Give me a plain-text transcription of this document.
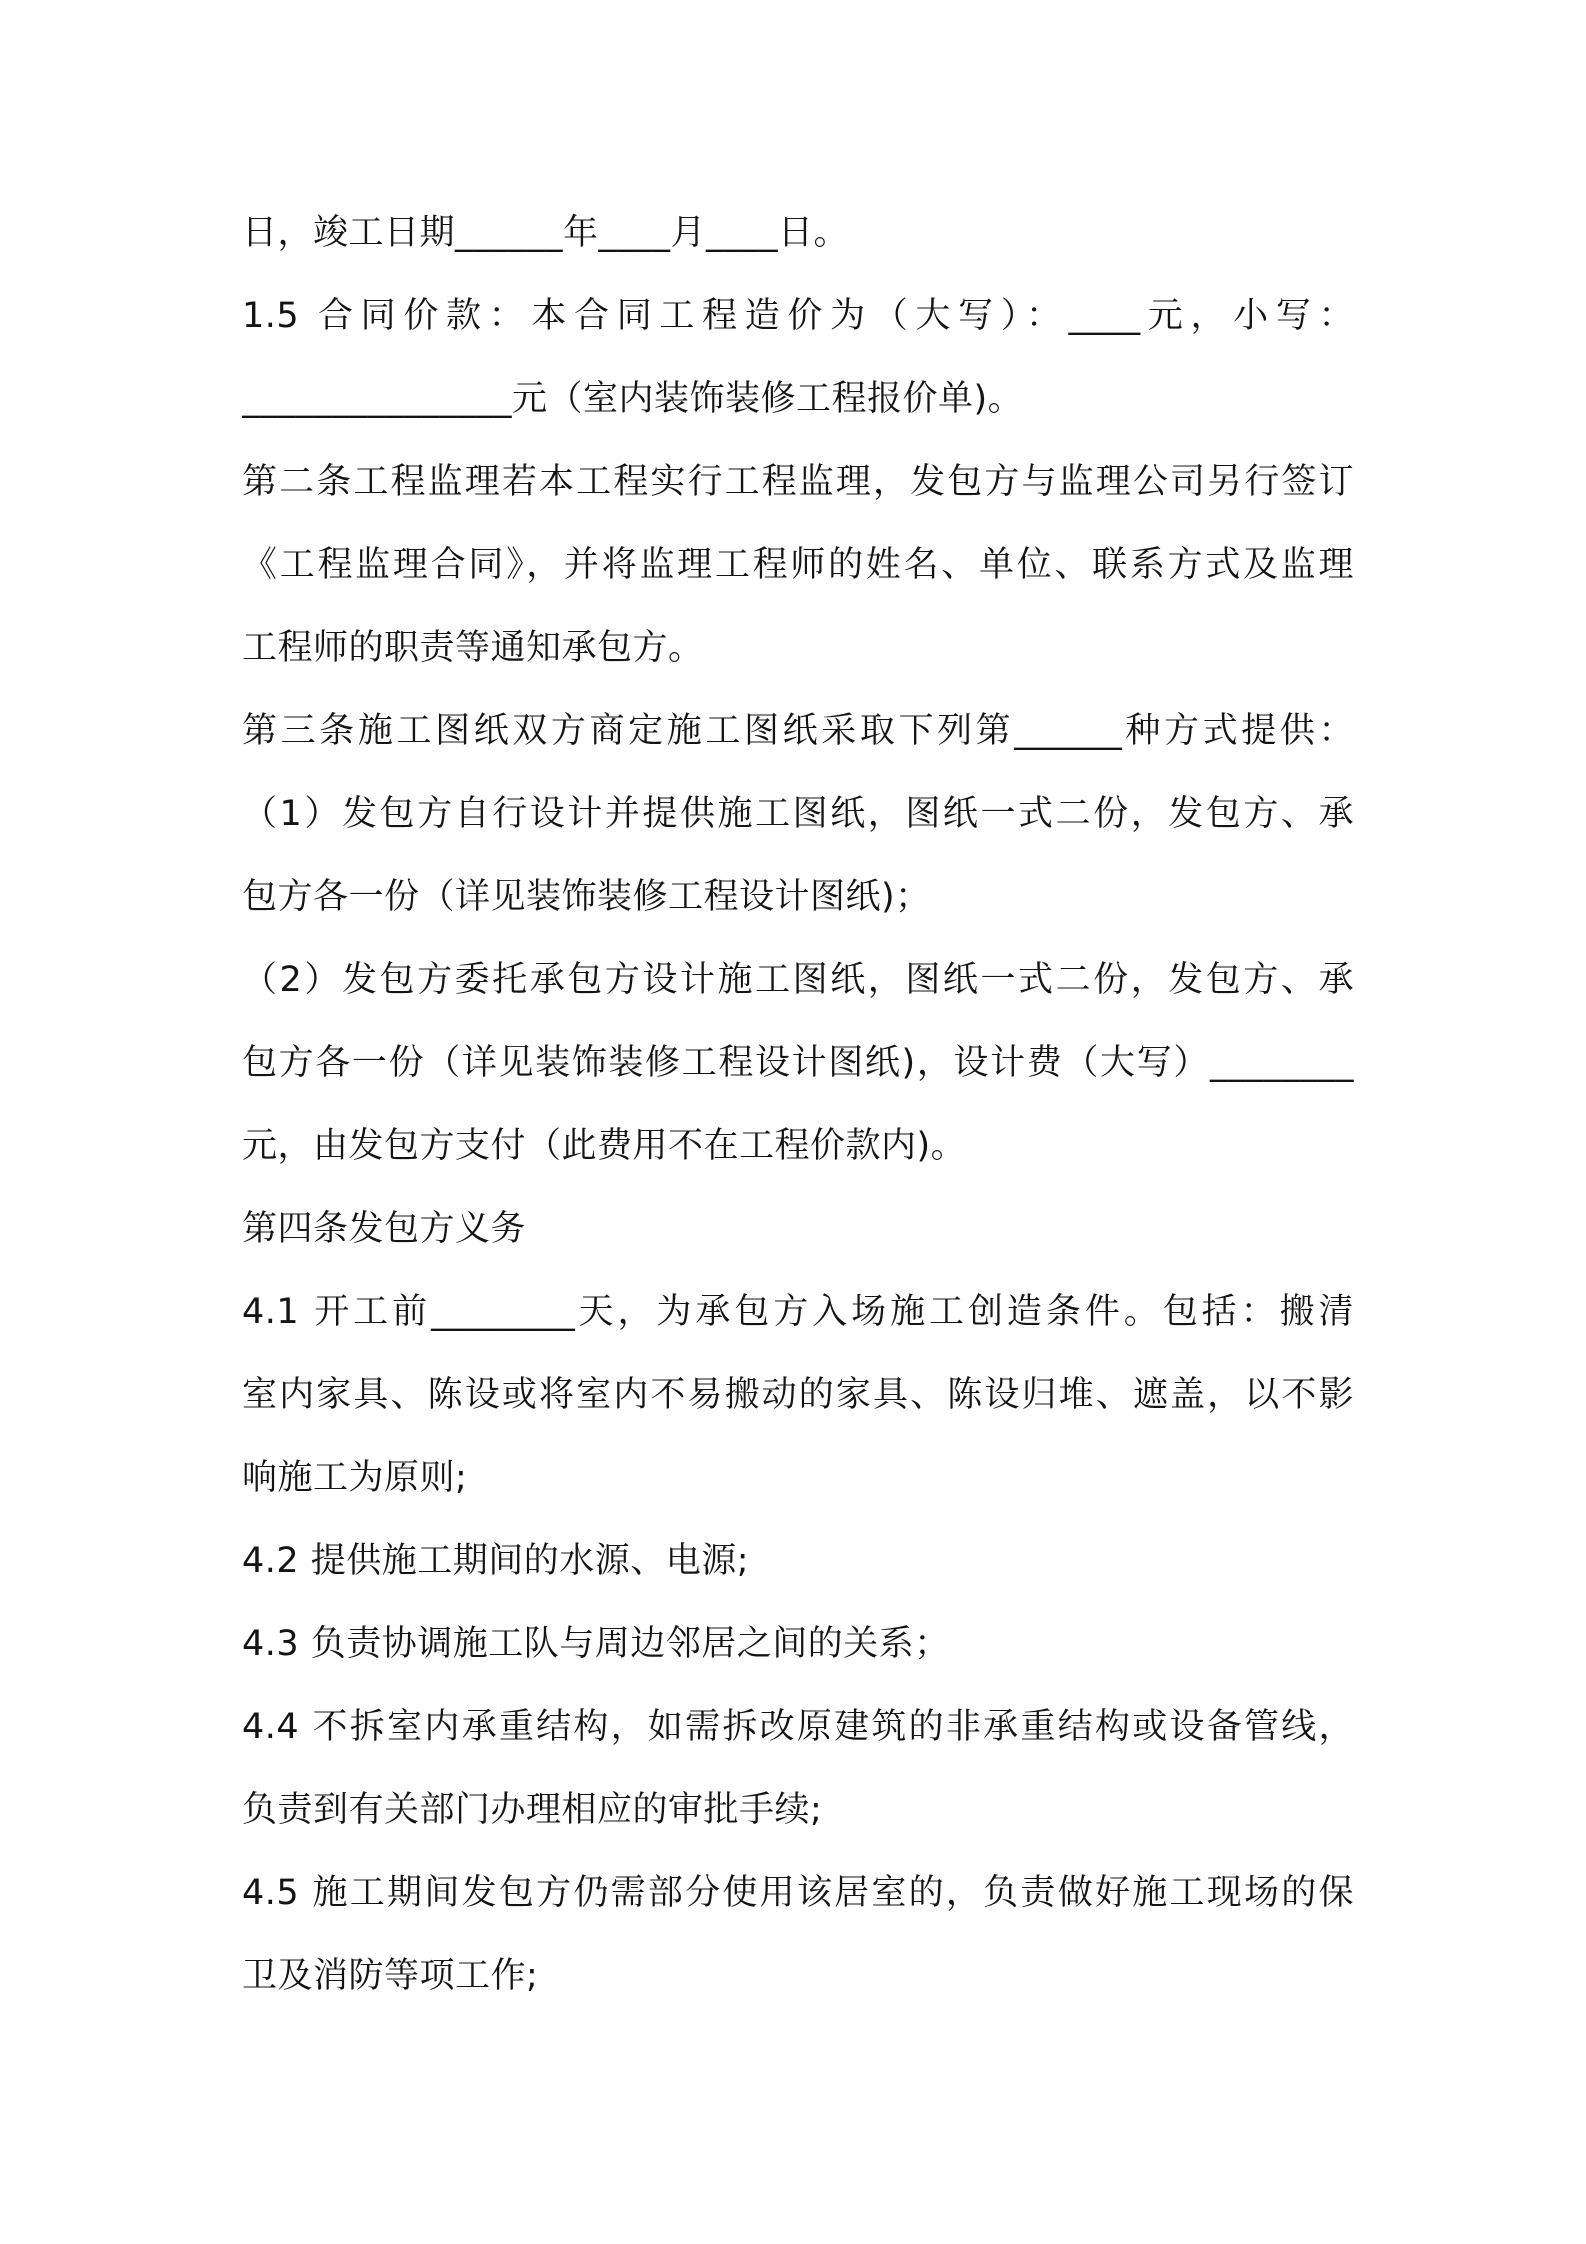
日，竣工日期______年____月____日。
1.5 合同价款：本合同工程造价为（大写）：____元，小写：
_______________元（室内装饰装修工程报价单)。
第二条工程监理若本工程实行工程监理，发包方与监理公司另行签订
《工程监理合同》，并将监理工程师的姓名、单位、联系方式及监理
工程师的职责等通知承包方。
第三条施工图纸双方商定施工图纸采取下列第______种方式提供：
（1）发包方自行设计并提供施工图纸，图纸一式二份，发包方、承
包方各一份（详见装饰装修工程设计图纸)；
（2）发包方委托承包方设计施工图纸，图纸一式二份，发包方、承
包方各一份（详见装饰装修工程设计图纸)，设计费（大写）________
元，由发包方支付（此费用不在工程价款内)。
第四条发包方义务
4.1 开工前________天，为承包方入场施工创造条件。包括：搬清
室内家具、陈设或将室内不易搬动的家具、陈设归堆、遮盖，以不影
响施工为原则;
4.2 提供施工期间的水源、电源;
4.3 负责协调施工队与周边邻居之间的关系；
4.4 不拆室内承重结构，如需拆改原建筑的非承重结构或设备管线，
负责到有关部门办理相应的审批手续;
4.5 施工期间发包方仍需部分使用该居室的，负责做好施工现场的保
卫及消防等项工作;
